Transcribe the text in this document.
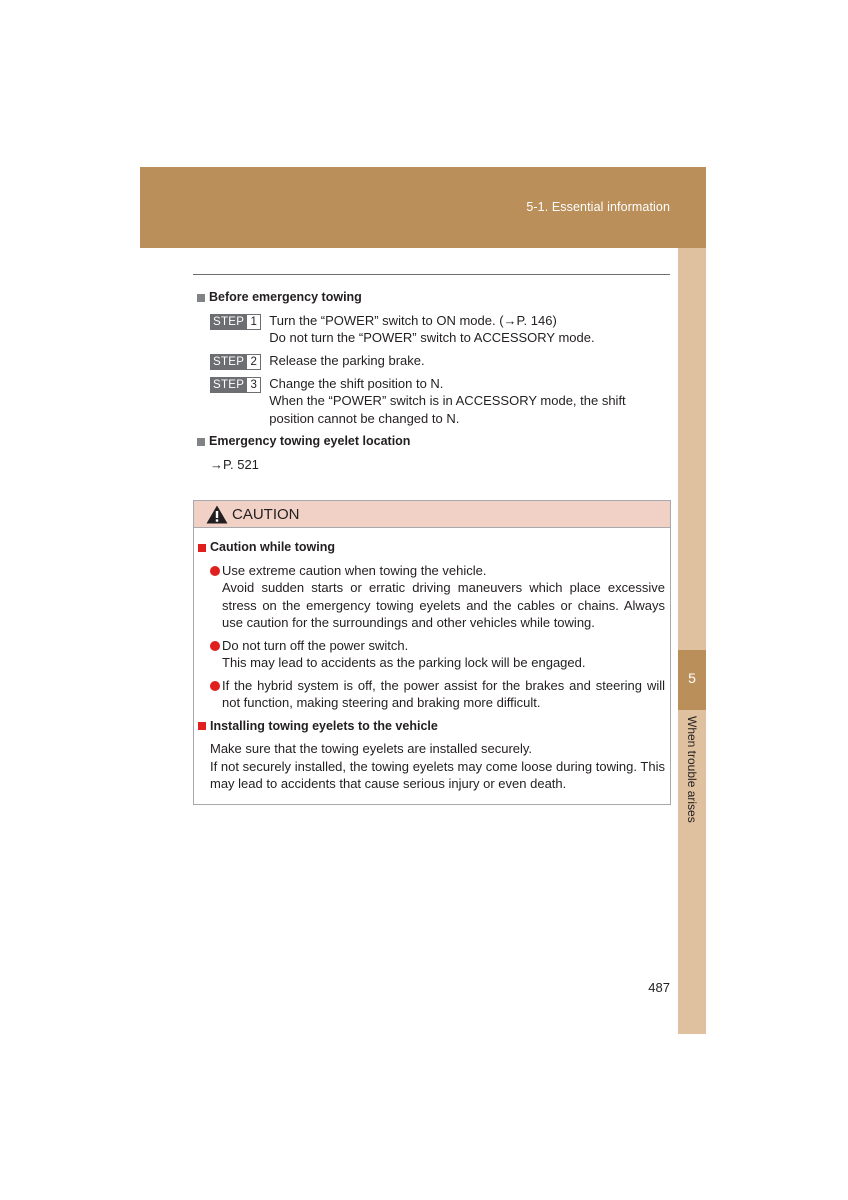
5-1. Essential information
5
When trouble arises
Before emergency towing
STEP 1 Turn the “POWER” switch to ON mode. (→P. 146)
Do not turn the “POWER” switch to ACCESSORY mode.
STEP 2 Release the parking brake.
STEP 3 Change the shift position to N.
When the “POWER” switch is in ACCESSORY mode, the shift position cannot be changed to N.
Emergency towing eyelet location
→P. 521
CAUTION
Caution while towing
Use extreme caution when towing the vehicle.
Avoid sudden starts or erratic driving maneuvers which place excessive stress on the emergency towing eyelets and the cables or chains. Always use caution for the surroundings and other vehicles while towing.
Do not turn off the power switch.
This may lead to accidents as the parking lock will be engaged.
If the hybrid system is off, the power assist for the brakes and steering will not function, making steering and braking more difficult.
Installing towing eyelets to the vehicle
Make sure that the towing eyelets are installed securely.
If not securely installed, the towing eyelets may come loose during towing. This may lead to accidents that cause serious injury or even death.
487
